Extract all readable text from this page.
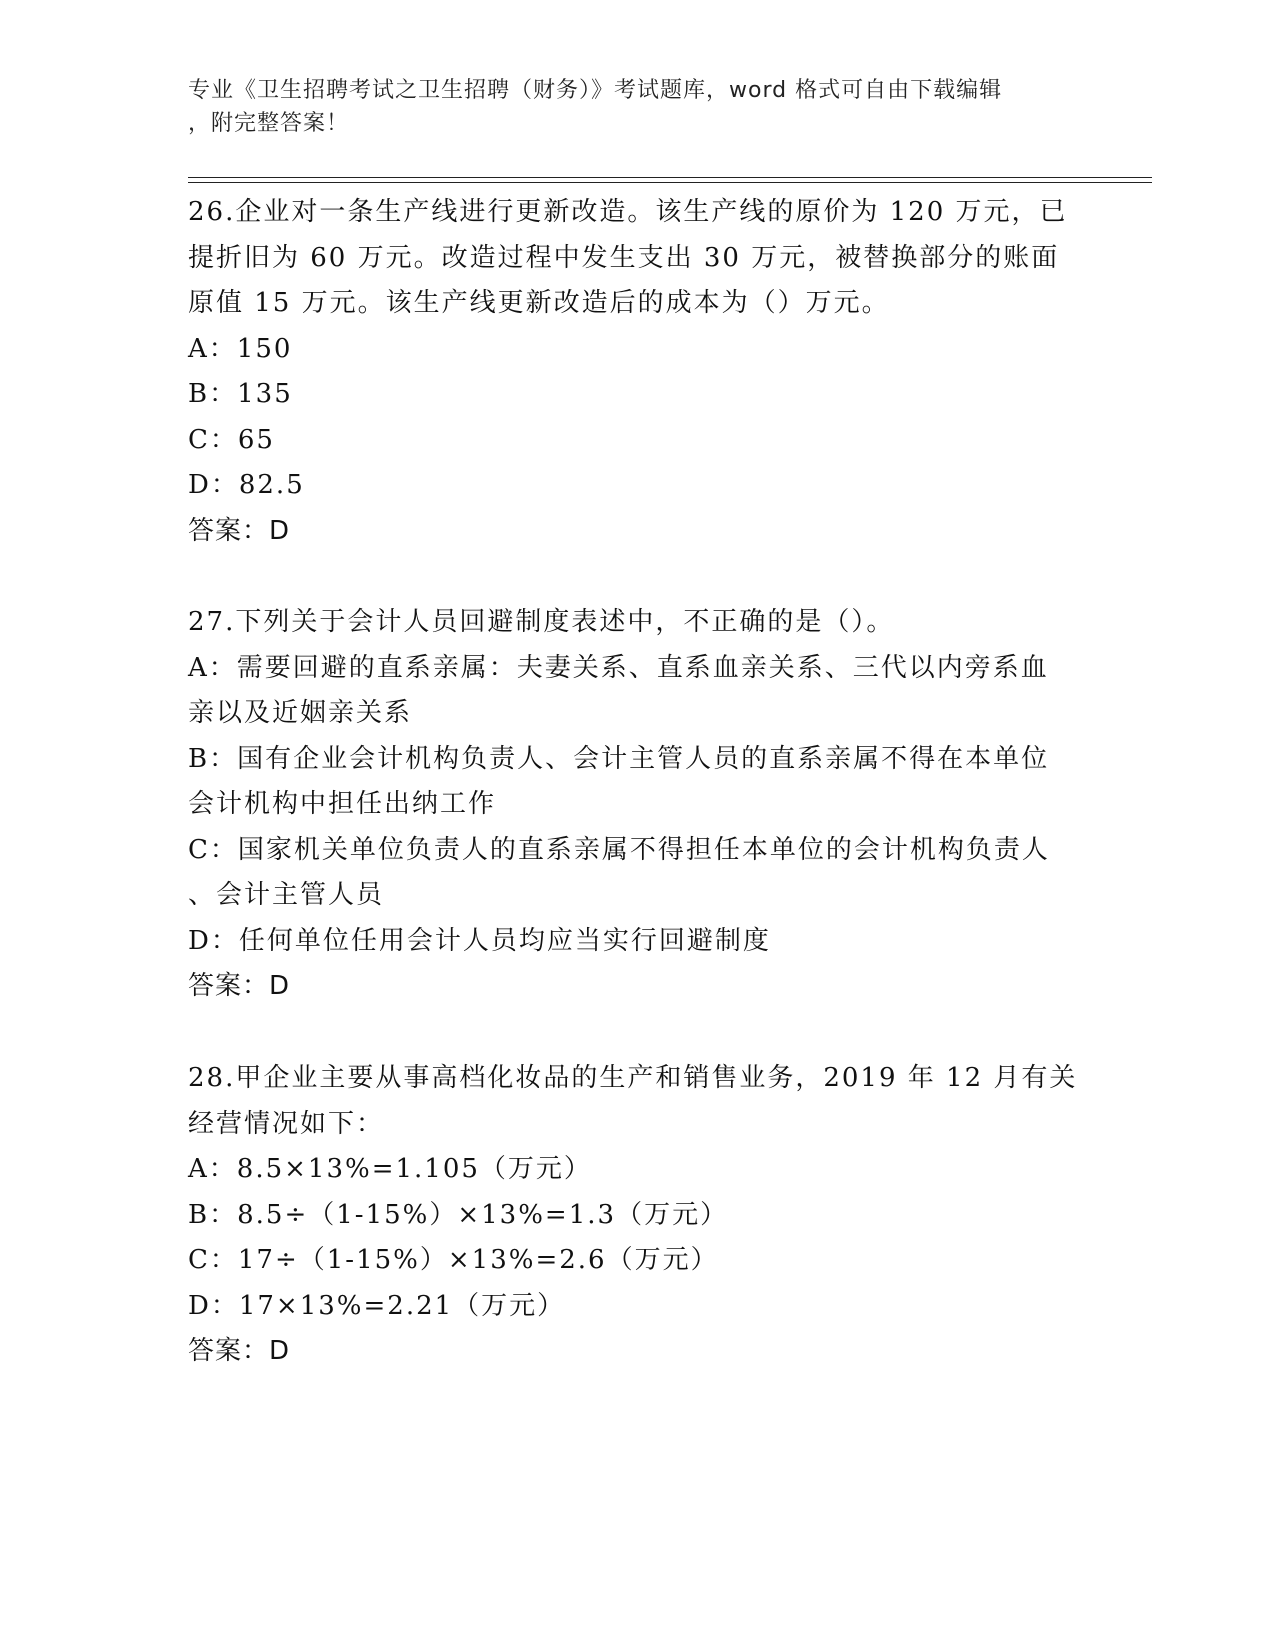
专业《卫生招聘考试之卫生招聘（财务）》考试题库，word 格式可自由下载编辑
，附完整答案！
26.企业对一条生产线进行更新改造。该生产线的原价为 120 万元，已
提折旧为 60 万元。改造过程中发生支出 30 万元，被替换部分的账面
原值 15 万元。该生产线更新改造后的成本为（）万元。
A：150
B：135
C：65
D：82.5
答案：D
27.下列关于会计人员回避制度表述中，不正确的是（）。
A：需要回避的直系亲属：夫妻关系、直系血亲关系、三代以内旁系血
亲以及近姻亲关系
B：国有企业会计机构负责人、会计主管人员的直系亲属不得在本单位
会计机构中担任出纳工作
C：国家机关单位负责人的直系亲属不得担任本单位的会计机构负责人
、会计主管人员
D：任何单位任用会计人员均应当实行回避制度
答案：D
28.甲企业主要从事高档化妆品的生产和销售业务，2019 年 12 月有关
经营情况如下：
A：8.5×13%=1.105（万元）
B：8.5÷（1-15%）×13%=1.3（万元）
C：17÷（1-15%）×13%=2.6（万元）
D：17×13%=2.21（万元）
答案：D
